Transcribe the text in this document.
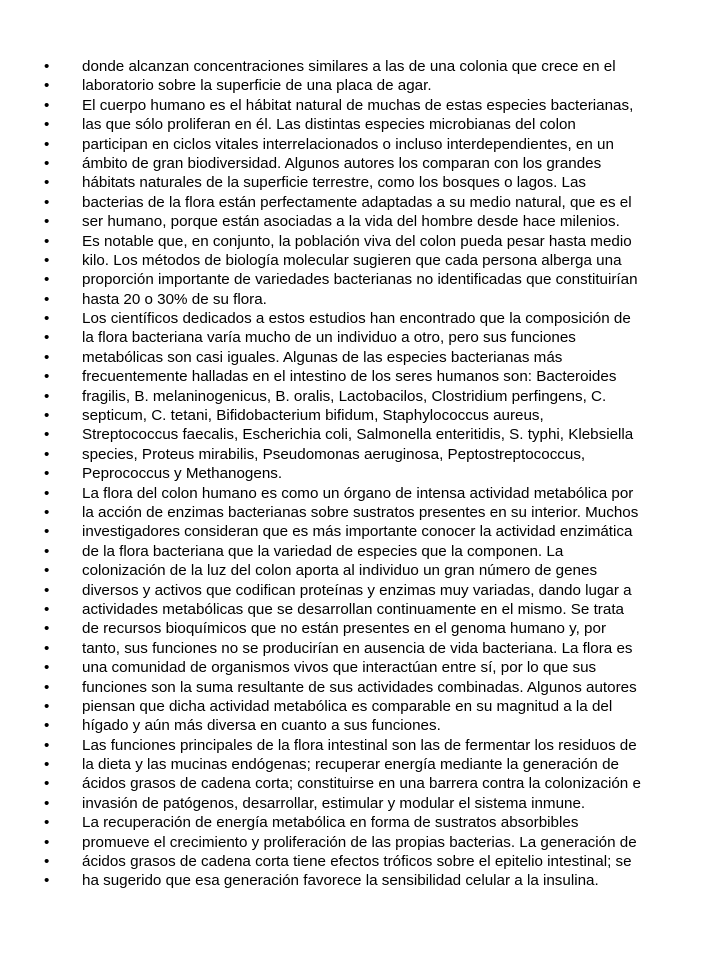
•	donde alcanzan concentraciones similares a las de una colonia que crece en el
•	laboratorio sobre la superficie de una placa de agar.
•	El cuerpo humano es el hábitat natural de muchas de estas especies bacterianas,
•	las que sólo proliferan en él. Las distintas especies microbianas del colon
•	participan en ciclos vitales interrelacionados o incluso interdependientes, en un
•	ámbito de gran biodiversidad. Algunos autores los comparan con los grandes
•	hábitats naturales de la superficie terrestre, como los bosques o lagos. Las
•	bacterias de la flora están perfectamente adaptadas a su medio natural, que es el
•	ser humano, porque están asociadas a la vida del hombre desde hace milenios.
•	Es notable que, en conjunto, la población viva del colon pueda pesar hasta medio
•	kilo. Los métodos de biología molecular sugieren que cada persona alberga una
•	proporción importante de variedades bacterianas no identificadas que constituirían
•	hasta 20 o 30% de su flora.
•	Los científicos dedicados a estos estudios han encontrado que la composición de
•	la flora bacteriana varía mucho de un individuo a otro, pero sus funciones
•	metabólicas son casi iguales. Algunas de las especies bacterianas más
•	frecuentemente halladas en el intestino de los seres humanos son: Bacteroides
•	fragilis, B. melaninogenicus, B. oralis, Lactobacilos, Clostridium perfingens, C.
•	septicum, C. tetani, Bifidobacterium bifidum, Staphylococcus aureus,
•	Streptococcus faecalis, Escherichia coli, Salmonella enteritidis, S. typhi, Klebsiella
•	species, Proteus mirabilis, Pseudomonas aeruginosa, Peptostreptococcus,
•	Peprococcus y Methanogens.
•	La flora del colon humano es como un órgano de intensa actividad metabólica por
•	la acción de enzimas bacterianas sobre sustratos presentes en su interior. Muchos
•	investigadores consideran que es más importante conocer la actividad enzimática
•	de la flora bacteriana que la variedad de especies que la componen. La
•	colonización de la luz del colon aporta al individuo un gran número de genes
•	diversos y activos que codifican proteínas y enzimas muy variadas, dando lugar a
•	actividades metabólicas que se desarrollan continuamente en el mismo. Se trata
•	de recursos bioquímicos que no están presentes en el genoma humano y, por
•	tanto, sus funciones no se producirían en ausencia de vida bacteriana. La flora es
•	una comunidad de organismos vivos que interactúan entre sí, por lo que sus
•	funciones son la suma resultante de sus actividades combinadas. Algunos autores
•	piensan que dicha actividad metabólica es comparable en su magnitud a la del
•	hígado y aún más diversa en cuanto a sus funciones.
•	Las funciones principales de la flora intestinal son las de fermentar los residuos de
•	la dieta y las mucinas endógenas; recuperar energía mediante la generación de
•	ácidos grasos de cadena corta; constituirse en una barrera contra la colonización e
•	invasión de patógenos, desarrollar, estimular y modular el sistema inmune.
•	La recuperación de energía metabólica en forma de sustratos absorbibles
•	promueve el crecimiento y proliferación de las propias bacterias. La generación de
•	ácidos grasos de cadena corta tiene efectos tróficos sobre el epitelio intestinal; se
•	ha sugerido que esa generación favorece la sensibilidad celular a la insulina.
